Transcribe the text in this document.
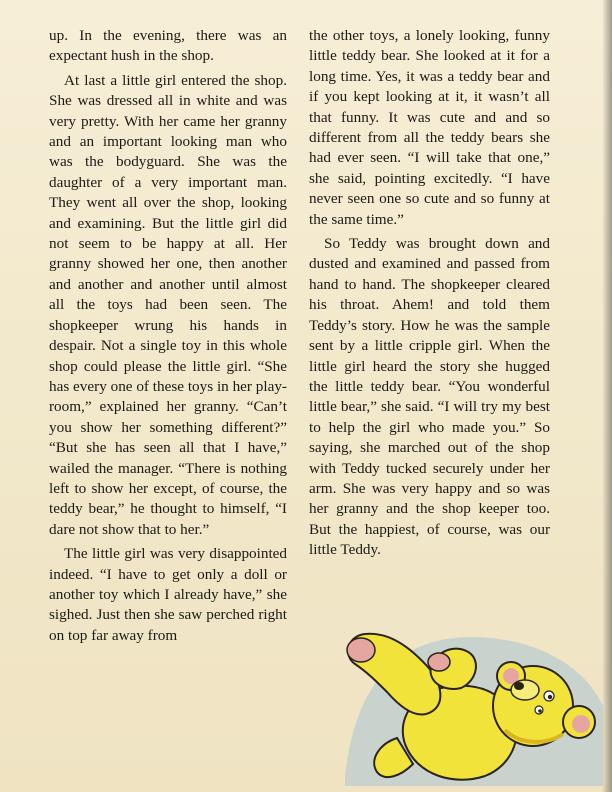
up. In the evening, there was an expectant hush in the shop.

At last a little girl entered the shop. She was dressed all in white and was very pretty. With her came her granny and an important looking man who was the bodyguard. She was the daughter of a very important man. They went all over the shop, looking and examining. But the little girl did not seem to be happy at all. Her granny showed her one, then another and another and another until almost all the toys had been seen. The shopkeeper wrung his hands in despair. Not a single toy in this whole shop could please the little girl. “She has every one of these toys in her play-room,” explained her granny. “Can’t you show her something different?” “But she has seen all that I have,” wailed the manager. “There is nothing left to show her except, of course, the teddy bear,” he thought to himself, “I dare not show that to her.”

The little girl was very disappointed indeed. “I have to get only a doll or another toy which I already have,” she sighed. Just then she saw perched right on top far away from

the other toys, a lonely looking, funny little teddy bear. She looked at it for a long time. Yes, it was a teddy bear and if you kept looking at it, it wasn’t all that funny. It was cute and and so different from all the teddy bears she had ever seen. “I will take that one,” she said, pointing excitedly. “I have never seen one so cute and so funny at the same time.”

So Teddy was brought down and dusted and examined and passed from hand to hand. The shopkeeper cleared his throat. Ahem! and told them Teddy’s story. How he was the sample sent by a little cripple girl. When the little girl heard the story she hugged the little teddy bear. “You wonderful little bear,” she said. “I will try my best to help the girl who made you.” So saying, she marched out of the shop with Teddy tucked securely under her arm. She was very happy and so was her granny and the shop keeper too. But the happiest, of course, was our little Teddy.
